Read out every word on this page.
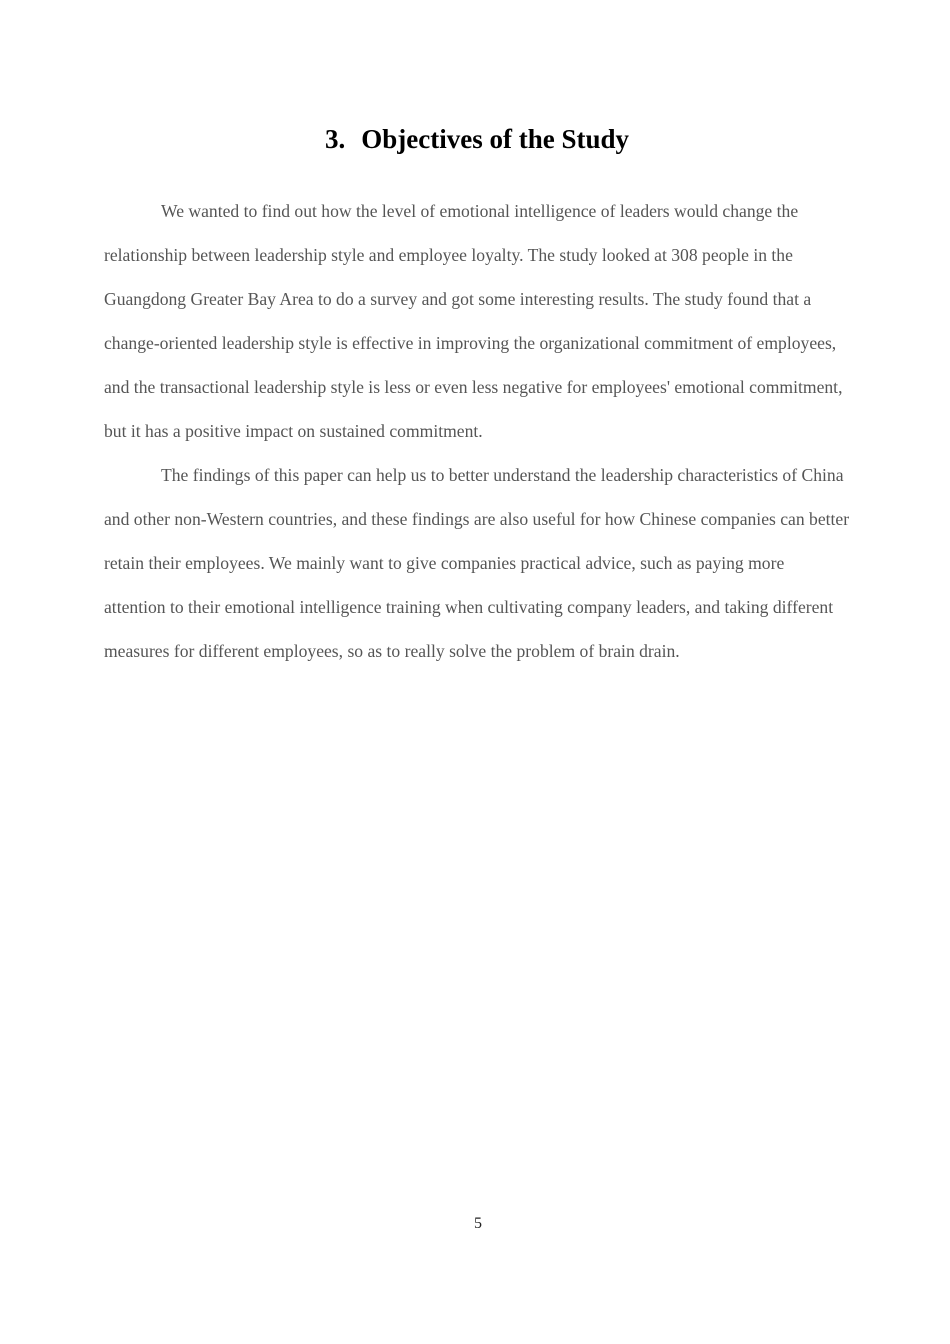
3. Objectives of the Study

We wanted to find out how the level of emotional intelligence of leaders would change the relationship between leadership style and employee loyalty. The study looked at 308 people in the Guangdong Greater Bay Area to do a survey and got some interesting results. The study found that a change-oriented leadership style is effective in improving the organizational commitment of employees, and the transactional leadership style is less or even less negative for employees' emotional commitment, but it has a positive impact on sustained commitment.

The findings of this paper can help us to better understand the leadership characteristics of China and other non-Western countries, and these findings are also useful for how Chinese companies can better retain their employees. We mainly want to give companies practical advice, such as paying more attention to their emotional intelligence training when cultivating company leaders, and taking different measures for different employees, so as to really solve the problem of brain drain.

5
